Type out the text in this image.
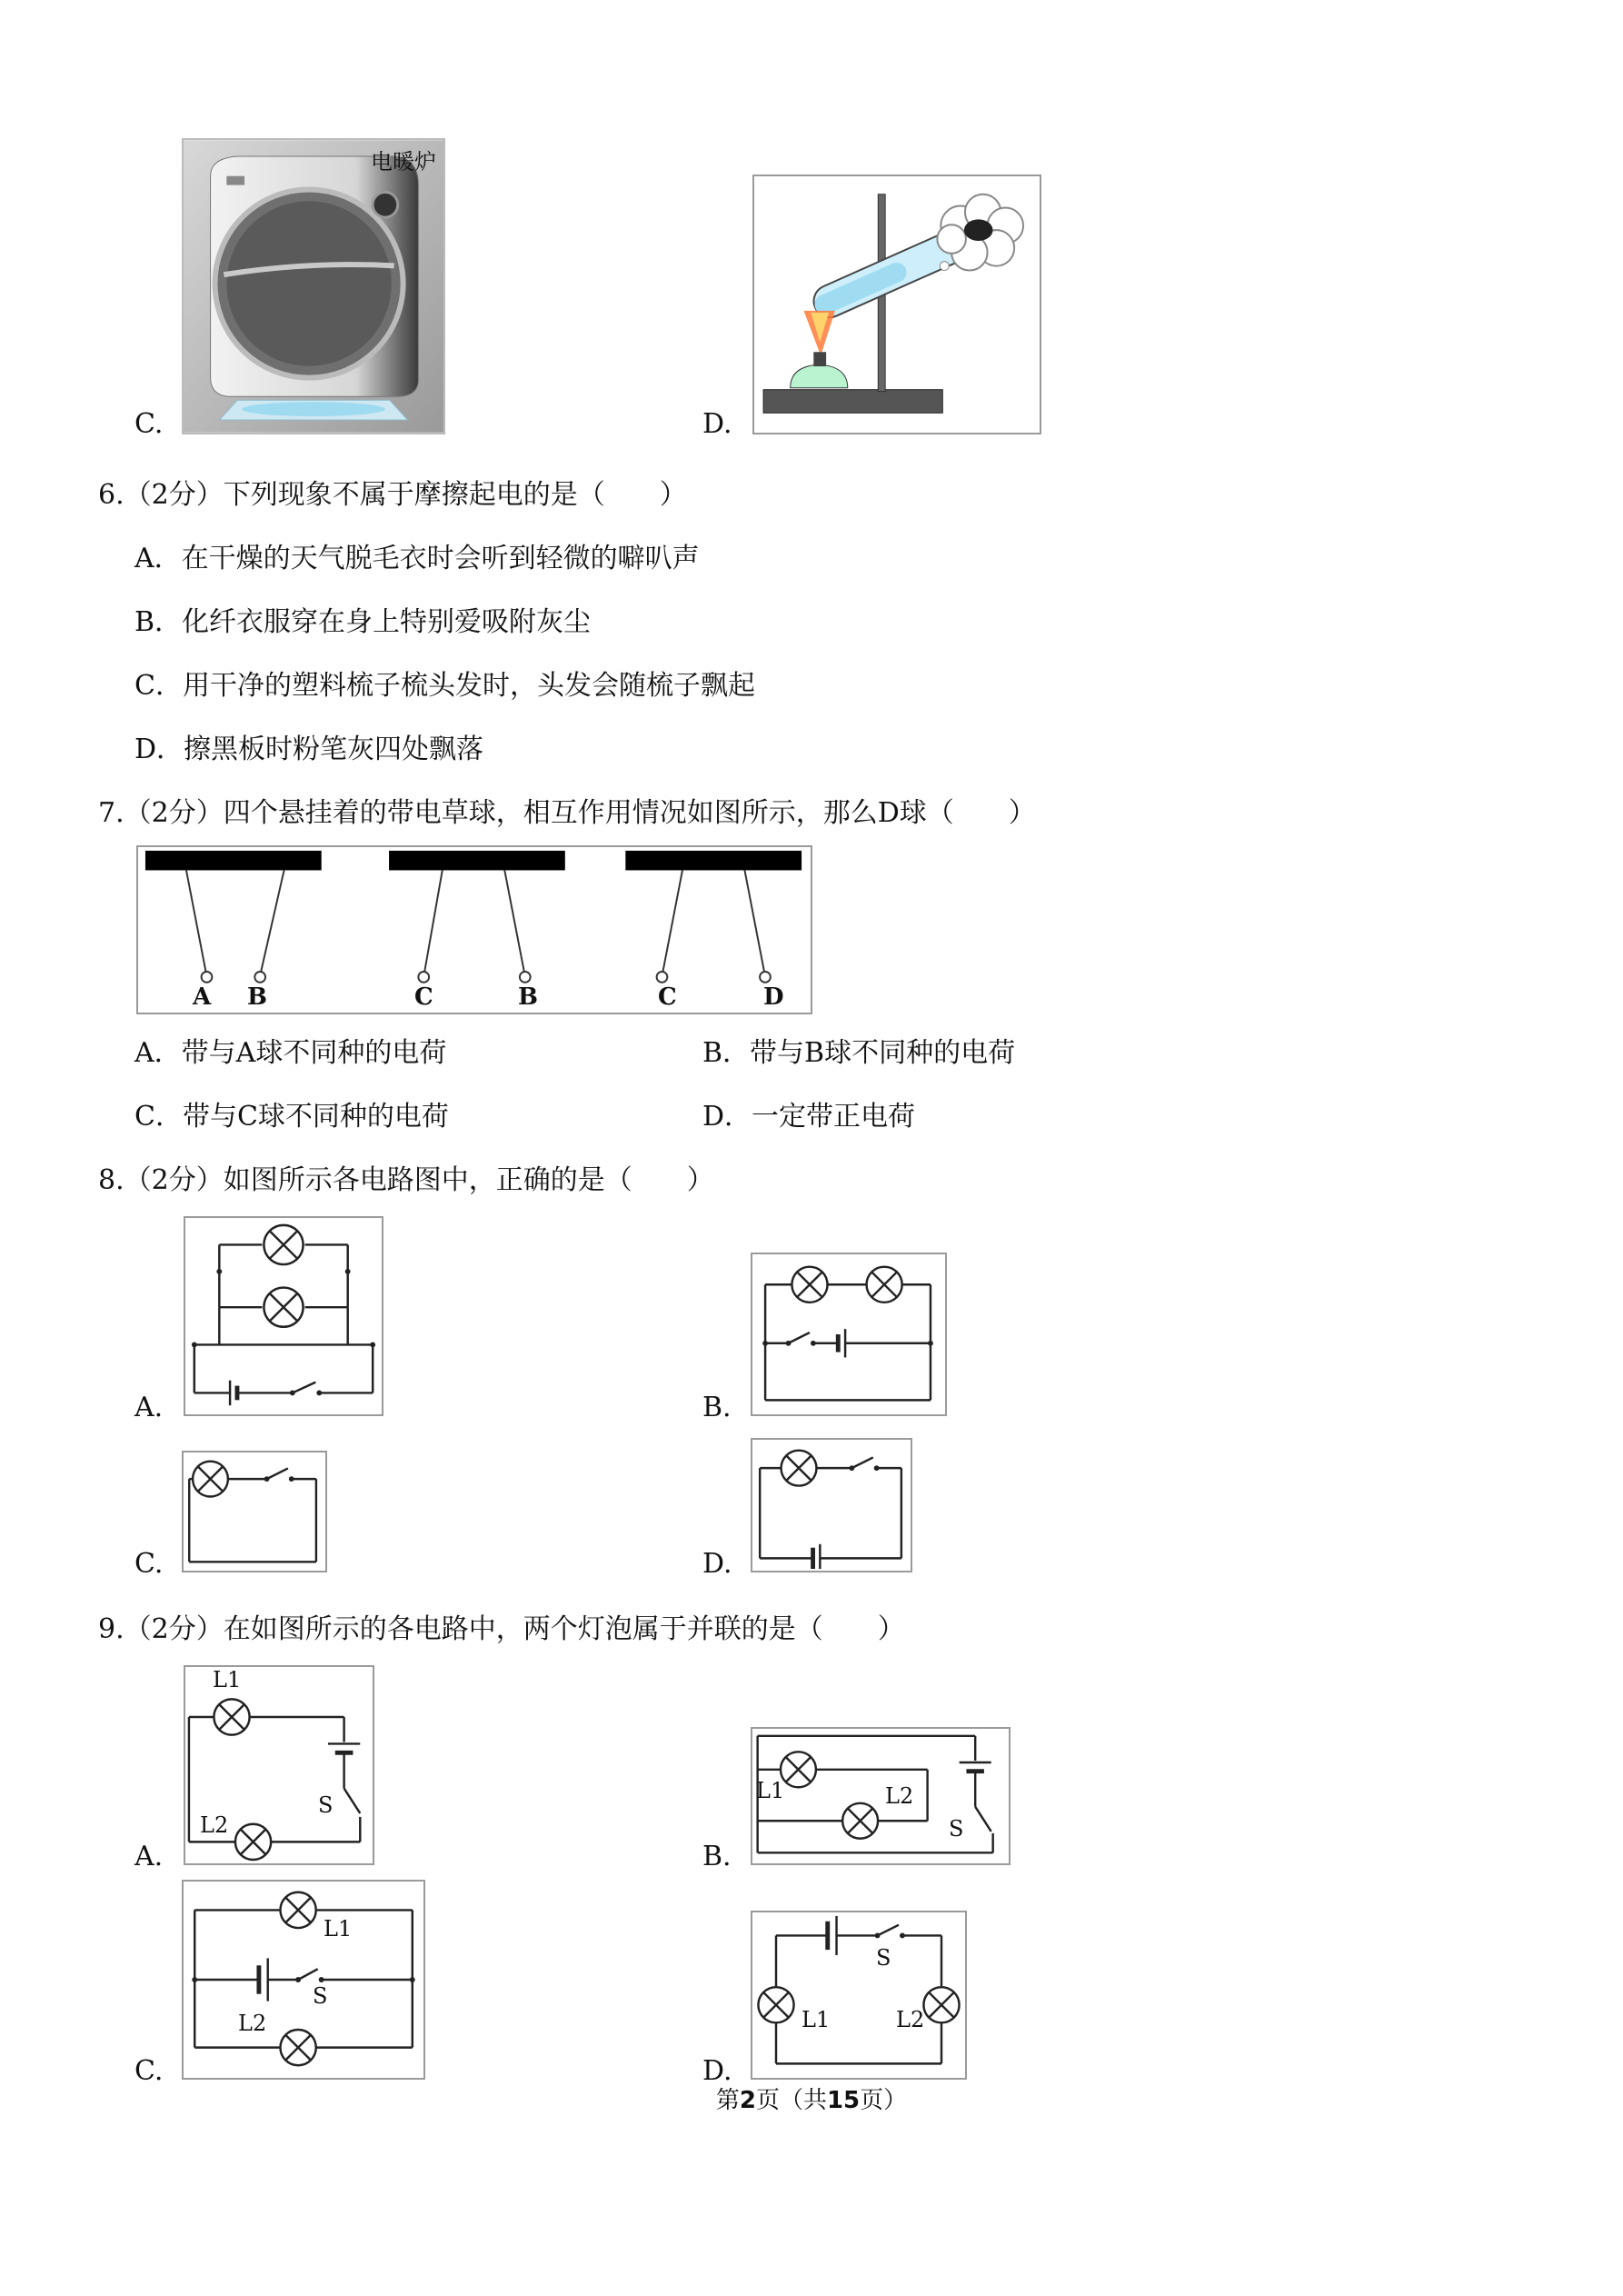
C.
电暖炉
D.
6.（2分）下列现象不属于摩擦起电的是（　　）
A．在干燥的天气脱毛衣时会听到轻微的噼叭声
B．化纤衣服穿在身上特别爱吸附灰尘
C．用干净的塑料梳子梳头发时，头发会随梳子飘起
D．擦黑板时粉笔灰四处飘落
7.（2分）四个悬挂着的带电草球，相互作用情况如图所示，那么D球（　　）
A B	C	B	C	D
A．带与A球不同种的电荷	B．带与B球不同种的电荷
C．带与C球不同种的电荷	D．一定带正电荷
8.（2分）如图所示各电路图中，正确的是（　　）
A.	B.
C.	D.
9.（2分）在如图所示的各电路中，两个灯泡属于并联的是（　　）
A.
L1
L2
S
B.
L1	L2
S
C.
L1
L2
S
D.
L1	L2
S
第2页（共15页）
